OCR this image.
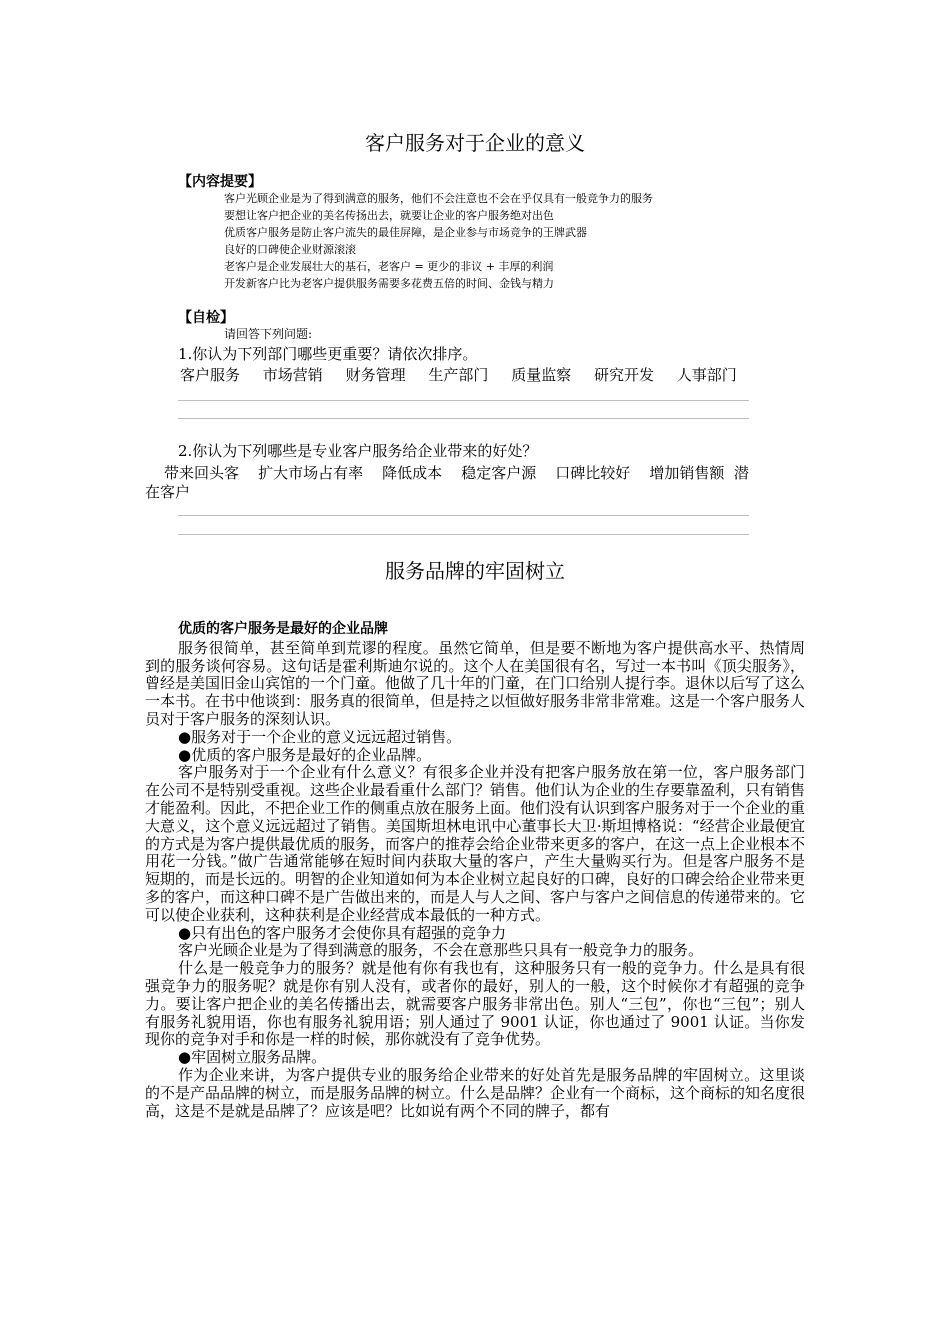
客户服务对于企业的意义
【内容提要】
客户光顾企业是为了得到满意的服务，他们不会注意也不会在乎仅具有一般竞争力的服务
要想让客户把企业的美名传扬出去，就要让企业的客户服务绝对出色
优质客户服务是防止客户流失的最佳屏障，是企业参与市场竞争的王牌武器
良好的口碑使企业财源滚滚
老客户是企业发展壮大的基石，老客户 = 更少的非议 + 丰厚的利润
开发新客户比为老客户提供服务需要多花费五倍的时间、金钱与精力
【自检】
请回答下列问题:
1.你认为下列部门哪些更重要？请依次排序。
客户服务 市场营销 财务管理 生产部门 质量监察 研究开发 人事部门
2.你认为下列哪些是专业客户服务给企业带来的好处？
带来回头客    扩大市场占有率    降低成本    稳定客户源    口碑比较好    增加销售额  潜
在客户
服务品牌的牢固树立
优质的客户服务是最好的企业品牌

服务很简单，甚至简单到荒谬的程度。虽然它简单，但是要不断地为客户提供高水平、热情周到的服务谈何容易。这句话是霍利斯迪尔说的。这个人在美国很有名，写过一本书叫《顶尖服务》，曾经是美国旧金山宾馆的一个门童。他做了几十年的门童，在门口给别人提行李。退休以后写了这么一本书。在书中他谈到：服务真的很简单，但是持之以恒做好服务非常非常难。这是一个客户服务人员对于客户服务的深刻认识。

●服务对于一个企业的意义远远超过销售。

●优质的客户服务是最好的企业品牌。

客户服务对于一个企业有什么意义？有很多企业并没有把客户服务放在第一位，客户服务部门在公司不是特别受重视。这些企业最看重什么部门？销售。他们认为企业的生存要靠盈利，只有销售才能盈利。因此，不把企业工作的侧重点放在服务上面。他们没有认识到客户服务对于一个企业的重大意义，这个意义远远超过了销售。美国斯坦林电讯中心董事长大卫·斯坦博格说：“经营企业最便宜的方式是为客户提供最优质的服务，而客户的推荐会给企业带来更多的客户，在这一点上企业根本不用花一分钱。”做广告通常能够在短时间内获取大量的客户，产生大量购买行为。但是客户服务不是短期的，而是长远的。明智的企业知道如何为本企业树立起良好的口碑，良好的口碑会给企业带来更多的客户，而这种口碑不是广告做出来的，而是人与人之间、客户与客户之间信息的传递带来的。它可以使企业获利，这种获利是企业经营成本最低的一种方式。

●只有出色的客户服务才会使你具有超强的竞争力

客户光顾企业是为了得到满意的服务，不会在意那些只具有一般竞争力的服务。

什么是一般竞争力的服务？就是他有你有我也有，这种服务只有一般的竞争力。什么是具有很强竞争力的服务呢？就是你有别人没有，或者你的最好，别人的一般，这个时候你才有超强的竞争力。要让客户把企业的美名传播出去，就需要客户服务非常出色。别人“三包”，你也“三包”；别人有服务礼貌用语，你也有服务礼貌用语；别人通过了 9001 认证，你也通过了 9001 认证。当你发现你的竞争对手和你是一样的时候，那你就没有了竞争优势。

●牢固树立服务品牌。

作为企业来讲，为客户提供专业的服务给企业带来的好处首先是服务品牌的牢固树立。这里谈的不是产品品牌的树立，而是服务品牌的树立。什么是品牌？企业有一个商标，这个商标的知名度很高，这是不是就是品牌了？应该是吧？比如说有两个不同的牌子，都有
